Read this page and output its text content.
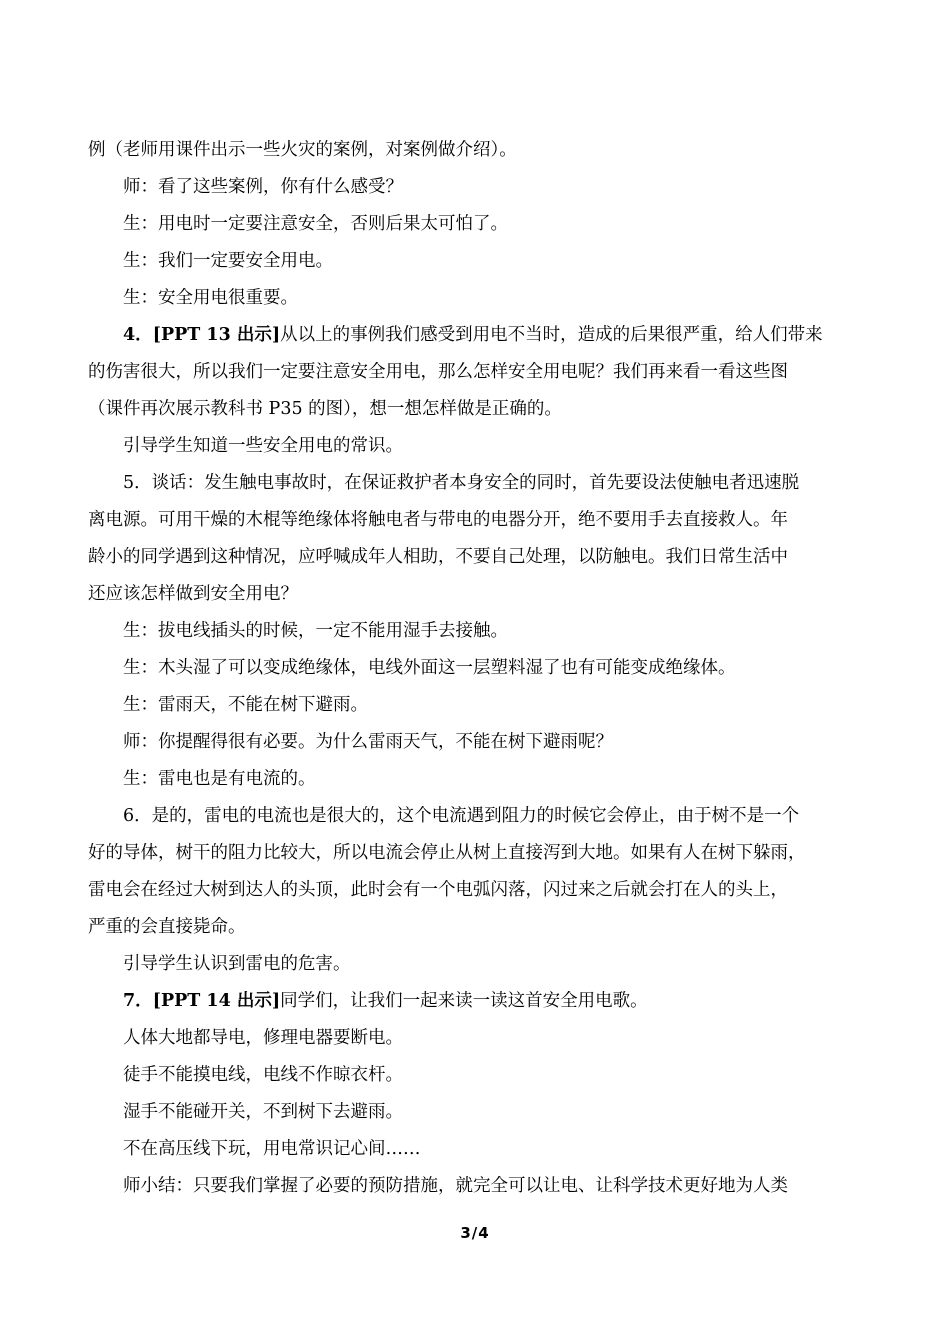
例（老师用课件出示一些火灾的案例，对案例做介绍）。
师：看了这些案例，你有什么感受？
生：用电时一定要注意安全，否则后果太可怕了。
生：我们一定要安全用电。
生：安全用电很重要。
4．[PPT 13 出示]从以上的事例我们感受到用电不当时，造成的后果很严重，给人们带来
的伤害很大，所以我们一定要注意安全用电，那么怎样安全用电呢？我们再来看一看这些图
（课件再次展示教科书 P35 的图），想一想怎样做是正确的。
引导学生知道一些安全用电的常识。
5．谈话：发生触电事故时，在保证救护者本身安全的同时，首先要设法使触电者迅速脱
离电源。可用干燥的木棍等绝缘体将触电者与带电的电器分开，绝不要用手去直接救人。年
龄小的同学遇到这种情况，应呼喊成年人相助，不要自己处理，以防触电。我们日常生活中
还应该怎样做到安全用电？
生：拔电线插头的时候，一定不能用湿手去接触。
生：木头湿了可以变成绝缘体，电线外面这一层塑料湿了也有可能变成绝缘体。
生：雷雨天，不能在树下避雨。
师：你提醒得很有必要。为什么雷雨天气，不能在树下避雨呢？
生：雷电也是有电流的。
6．是的，雷电的电流也是很大的，这个电流遇到阻力的时候它会停止，由于树不是一个
好的导体，树干的阻力比较大，所以电流会停止从树上直接泻到大地。如果有人在树下躲雨，
雷电会在经过大树到达人的头顶，此时会有一个电弧闪落，闪过来之后就会打在人的头上，
严重的会直接毙命。
引导学生认识到雷电的危害。
7．[PPT 14 出示]同学们，让我们一起来读一读这首安全用电歌。
人体大地都导电，修理电器要断电。
徒手不能摸电线，电线不作晾衣杆。
湿手不能碰开关，不到树下去避雨。
不在高压线下玩，用电常识记心间……
师小结：只要我们掌握了必要的预防措施，就完全可以让电、让科学技术更好地为人类
3/4
